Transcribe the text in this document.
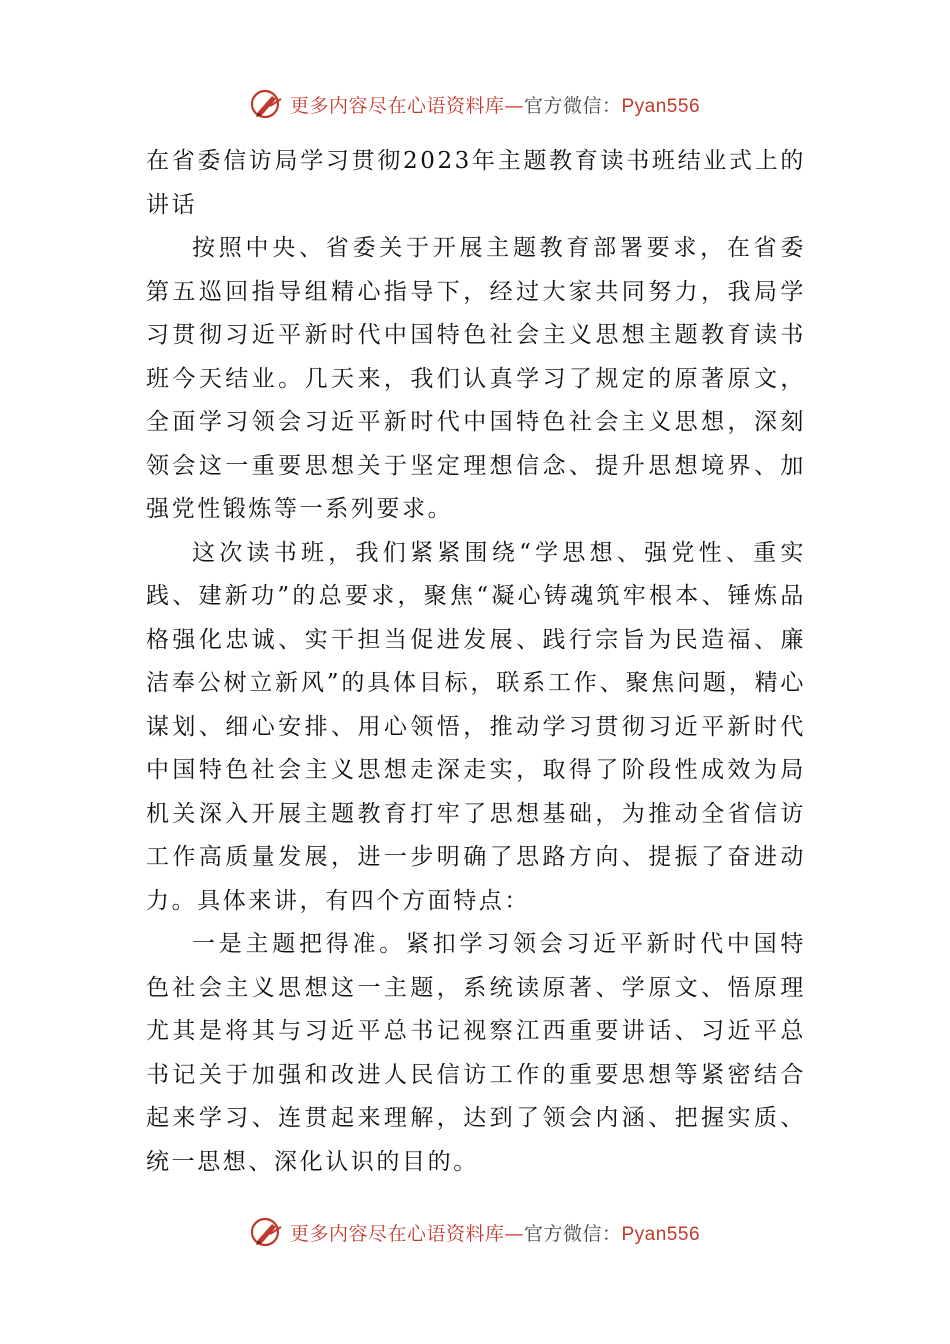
更多内容尽在心语资料库—官方微信：Pyan556

在省委信访局学习贯彻2023年主题教育读书班结业式上的讲话

按照中央、省委关于开展主题教育部署要求，在省委第五巡回指导组精心指导下，经过大家共同努力，我局学习贯彻习近平新时代中国特色社会主义思想主题教育读书班今天结业。几天来，我们认真学习了规定的原著原文，全面学习领会习近平新时代中国特色社会主义思想，深刻领会这一重要思想关于坚定理想信念、提升思想境界、加强党性锻炼等一系列要求。

这次读书班，我们紧紧围绕“学思想、强党性、重实践、建新功”的总要求，聚焦“凝心铸魂筑牢根本、锤炼品格强化忠诚、实干担当促进发展、践行宗旨为民造福、廉洁奉公树立新风”的具体目标，联系工作、聚焦问题，精心谋划、细心安排、用心领悟，推动学习贯彻习近平新时代中国特色社会主义思想走深走实，取得了阶段性成效为局机关深入开展主题教育打牢了思想基础，为推动全省信访工作高质量发展，进一步明确了思路方向、提振了奋进动力。具体来讲，有四个方面特点：

一是主题把得准。紧扣学习领会习近平新时代中国特色社会主义思想这一主题，系统读原著、学原文、悟原理尤其是将其与习近平总书记视察江西重要讲话、习近平总书记关于加强和改进人民信访工作的重要思想等紧密结合起来学习、连贯起来理解，达到了领会内涵、把握实质、统一思想、深化认识的目的。

更多内容尽在心语资料库—官方微信：Pyan556
